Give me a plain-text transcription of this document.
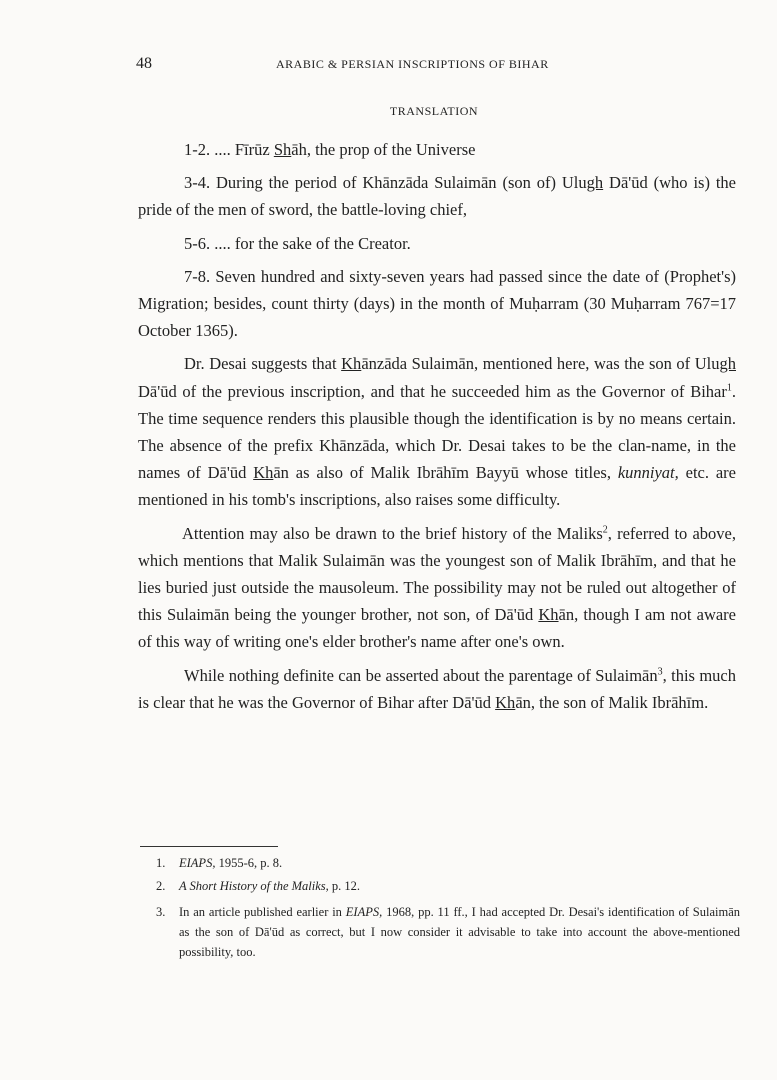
48	ARABIC & PERSIAN INSCRIPTIONS OF BIHAR
TRANSLATION

1-2. .... Fīrūz Shāh, the prop of the Universe

3-4. During the period of Khānzāda Sulaimān (son of) Ulugh Dā'ūd (who is) the pride of the men of sword, the battle-loving chief,

5-6. .... for the sake of the Creator.

7-8. Seven hundred and sixty-seven years had passed since the date of (Prophet's) Migration; besides, count thirty (days) in the month of Muḥarram (30 Muḥarram 767=17 October 1365).

Dr. Desai suggests that Khānzāda Sulaimān, mentioned here, was the son of Ulugh Dā'ūd of the previous inscription, and that he succeeded him as the Governor of Bihar$^1$. The time sequence renders this plausible though the identification is by no means certain. The absence of the prefix Khānzāda, which Dr. Desai takes to be the clan-name, in the names of Dā'ūd Khān as also of Malik Ibrāhīm Bayyū whose titles, kunniyat, etc. are mentioned in his tomb's inscriptions, also raises some difficulty.

Attention may also be drawn to the brief history of the Maliks$^2$, referred to above, which mentions that Malik Sulaimān was the youngest son of Malik Ibrāhīm, and that he lies buried just outside the mausoleum. The possibility may not be ruled out altogether of this Sulaimān being the younger brother, not son, of Dā'ūd Khān, though I am not aware of this way of writing one's elder brother's name after one's own.

While nothing definite can be asserted about the parentage of Sulaimān$^3$, this much is clear that he was the Governor of Bihar after Dā'ūd Khān, the son of Malik Ibrāhīm.

1. EIAPS, 1955-6, p. 8.
2. A Short History of the Maliks, p. 12.
3. In an article published earlier in EIAPS, 1968, pp. 11 ff., I had accepted Dr. Desai's identification of Sulaimān as the son of Dā'ūd as correct, but I now consider it advisable to take into account the above-mentioned possibility, too.
